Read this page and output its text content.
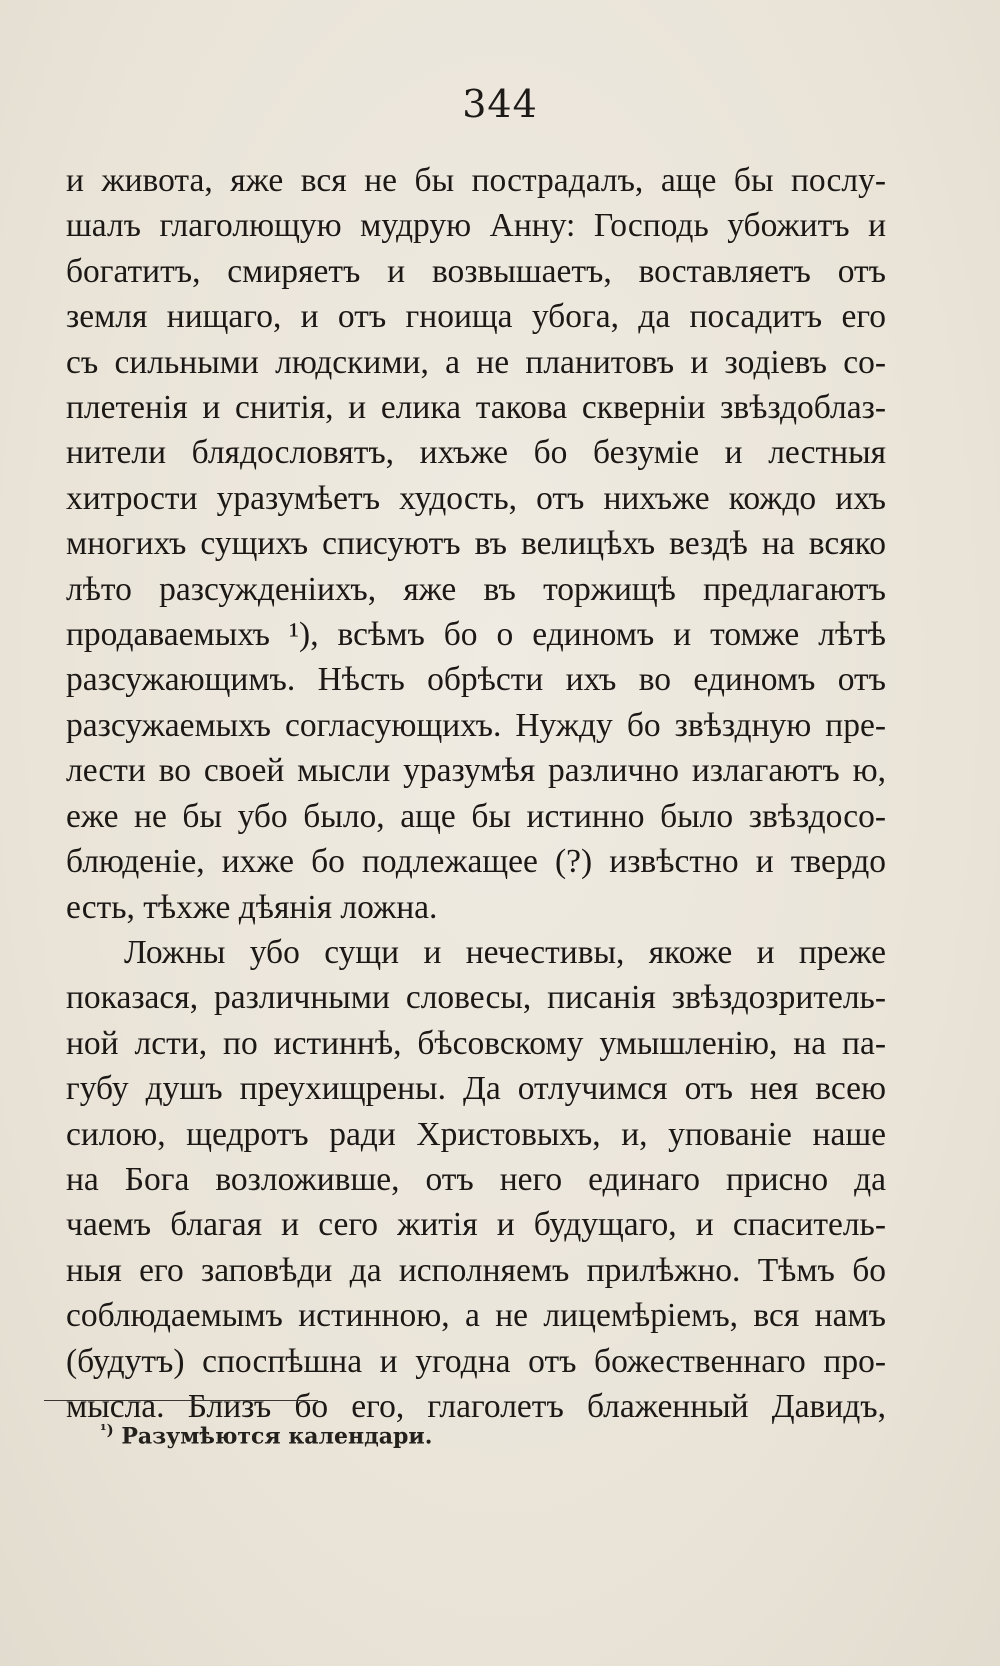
344
и живота, яже вся не бы пострадалъ, аще бы послу-
шалъ глаголющую мудрую Анну: Господь убожитъ и
богатитъ, смиряетъ и возвышаетъ, воставляетъ отъ
земля нищаго, и отъ гноища убога, да посадитъ его
съ сильными людскими, а не планитовъ и зодіевъ со-
плетенія и снитія, и елика такова скверніи звѣздоблаз-
нители блядословятъ, ихъже бо безуміе и лестныя
хитрости уразумѣетъ худость, отъ нихъже кождо ихъ
многихъ сущихъ списуютъ въ велицѣхъ вездѣ на всяко
лѣто разсужденіихъ, яже въ торжищѣ предлагаютъ
продаваемыхъ ¹), всѣмъ бо о единомъ и томже лѣтѣ
разсужающимъ. Нѣсть обрѣсти ихъ во единомъ отъ
разсужаемыхъ согласующихъ. Нужду бо звѣздную пре-
лести во своей мысли уразумѣя различно излагаютъ ю,
еже не бы убо было, аще бы истинно было звѣздосо-
блюденіе, ихже бо подлежащее (?) извѣстно и твердо
есть, тѣхже дѣянія ложна.
Ложны убо сущи и нечестивы, якоже и преже
показася, различными словесы, писанія звѣздозритель-
ной лсти, по истиннѣ, бѣсовскому умышленію, на па-
губу душъ преухищрены. Да отлучимся отъ нея всею
силою, щедротъ ради Христовыхъ, и, упованіе наше
на Бога возложивше, отъ него единаго присно да
чаемъ благая и сего житія и будущаго, и спаситель-
ныя его заповѣди да исполняемъ прилѣжно. Тѣмъ бо
соблюдаемымъ истинною, а не лицемѣріемъ, вся намъ
(будутъ) споспѣшна и угодна отъ божественнаго про-
мысла. Близъ бо его, глаголетъ блаженный Давидъ,
$^{^1)}$ Разумѣются календари.
